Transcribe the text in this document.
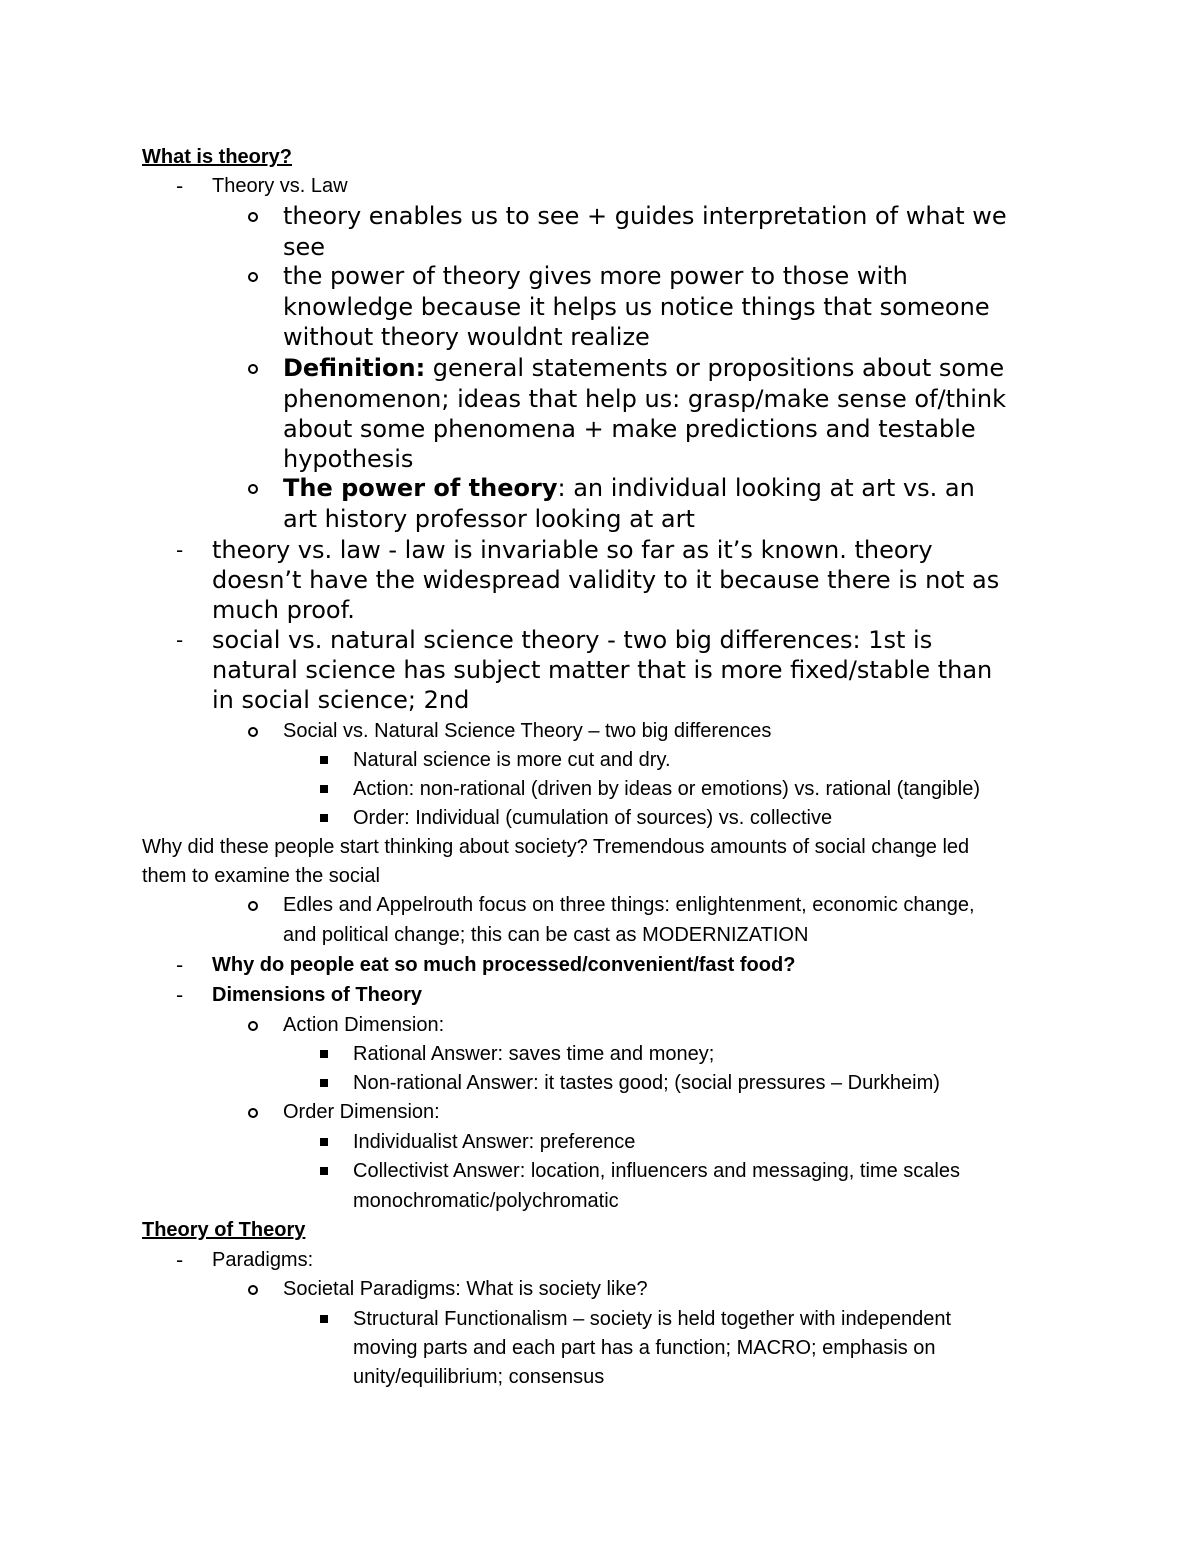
What is theory?
- Theory vs. Law
theory enables us to see + guides interpretation of what we
see
the power of theory gives more power to those with
knowledge because it helps us notice things that someone
without theory wouldnt realize
Definition: general statements or propositions about some
phenomenon; ideas that help us: grasp/make sense of/think
about some phenomena + make predictions and testable
hypothesis
The power of theory: an individual looking at art vs. an
art history professor looking at art
- theory vs. law - law is invariable so far as it’s known. theory
doesn’t have the widespread validity to it because there is not as
much proof.
- social vs. natural science theory - two big differences: 1st is
natural science has subject matter that is more fixed/stable than
in social science; 2nd
Social vs. Natural Science Theory – two big differences
Natural science is more cut and dry.
Action: non-rational (driven by ideas or emotions) vs. rational (tangible)
Order: Individual (cumulation of sources) vs. collective
Why did these people start thinking about society? Tremendous amounts of social change led
them to examine the social
Edles and Appelrouth focus on three things: enlightenment, economic change,
and political change; this can be cast as MODERNIZATION
- Why do people eat so much processed/convenient/fast food?
- Dimensions of Theory
Action Dimension:
Rational Answer: saves time and money;
Non-rational Answer: it tastes good; (social pressures – Durkheim)
Order Dimension:
Individualist Answer: preference
Collectivist Answer: location, influencers and messaging, time scales
monochromatic/polychromatic
Theory of Theory
- Paradigms:
Societal Paradigms: What is society like?
Structural Functionalism – society is held together with independent
moving parts and each part has a function; MACRO; emphasis on
unity/equilibrium; consensus
